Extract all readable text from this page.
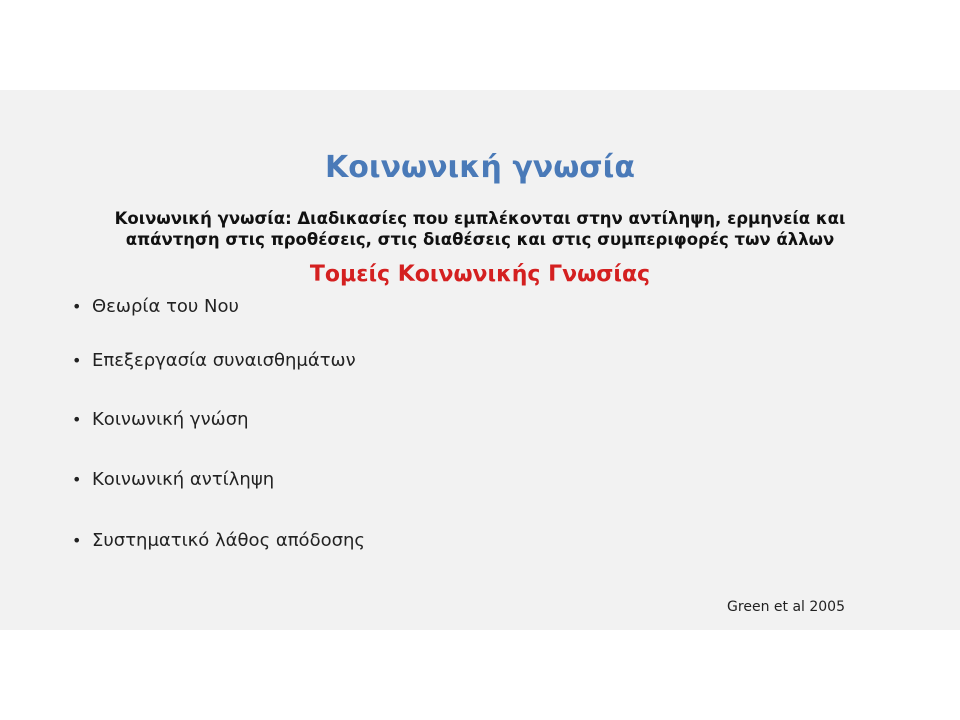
Κοινωνική γνωσία

Κοινωνική γνωσία: Διαδικασίες που εμπλέκονται στην αντίληψη, ερμηνεία και απάντηση στις προθέσεις, στις διαθέσεις και στις συμπεριφορές των άλλων

Τομείς Κοινωνικής Γνωσίας
• Θεωρία του Νου
• Επεξεργασία συναισθημάτων
• Κοινωνική γνώση
• Κοινωνική αντίληψη
• Συστηματικό λάθος απόδοσης
Green et al 2005
